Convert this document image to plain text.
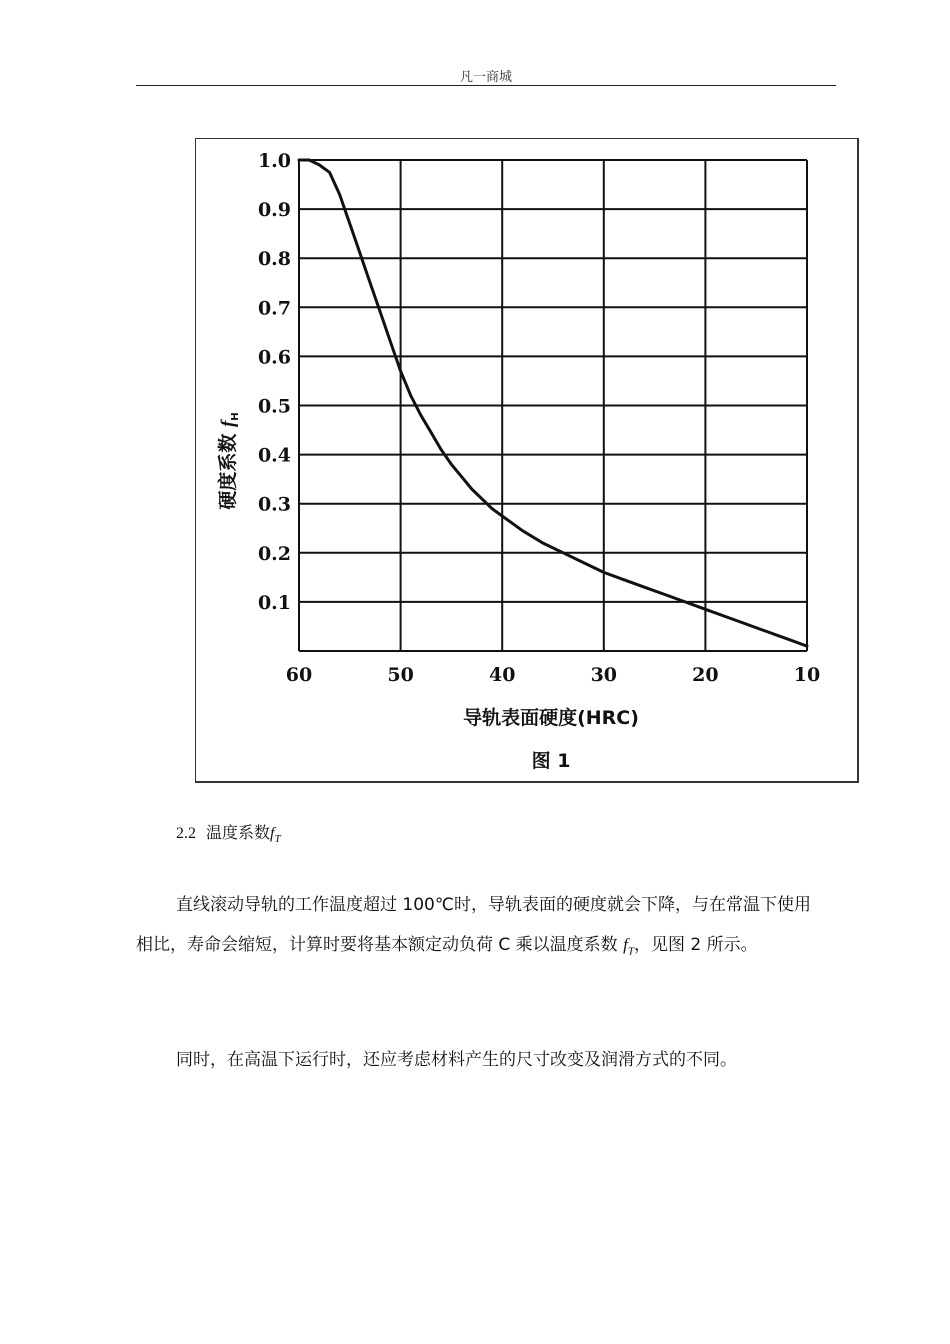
凡一商城
0.1
0.2
0.3
0.4
0.5
0.6
0.7
0.8
0.9
1.0
60	50	40	30	20	10
硬度系数 $f_H$
导轨表面硬度(HRC)
图 1
2.2 温度系数$f_T$

直线滚动导轨的工作温度超过 100℃时，导轨表面的硬度就会下降，与在常温下使用相比，寿命会缩短，计算时要将基本额定动负荷 C 乘以温度系数 $f_T$，见图 2 所示。

同时，在高温下运行时，还应考虑材料产生的尺寸改变及润滑方式的不同。
